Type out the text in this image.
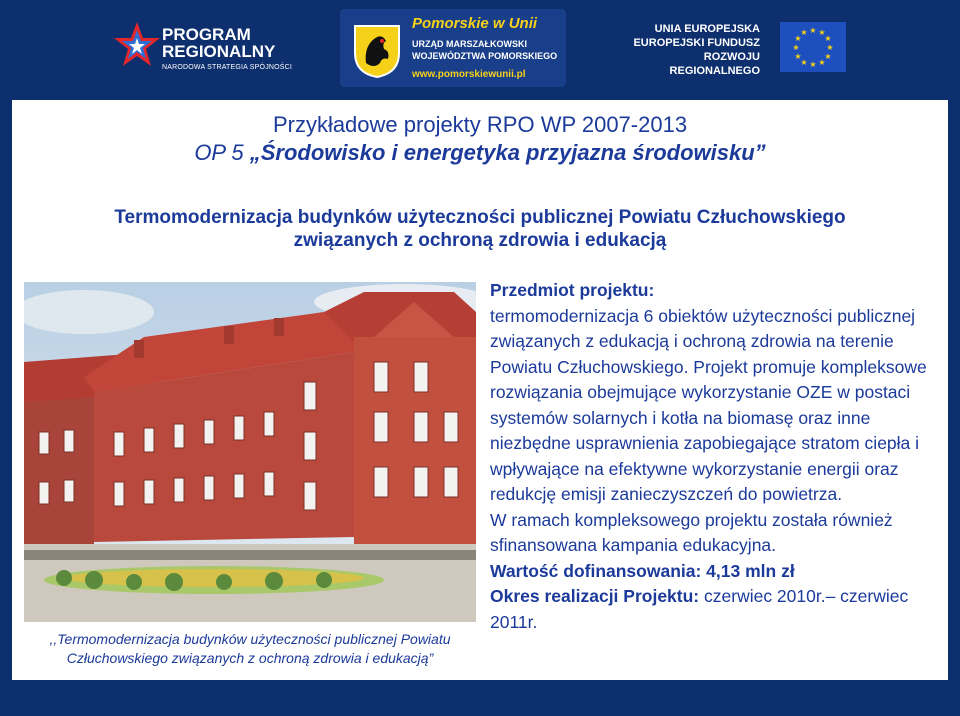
PROGRAM
REGIONALNY
NARODOWA STRATEGIA SPÓJNOŚCI
Pomorskie w Unii
URZĄD MARSZAŁKOWSKI
WOJEWÓDZTWA POMORSKIEGO
www.pomorskiewunii.pl
UNIA EUROPEJSKA
EUROPEJSKI FUNDUSZ
ROZWOJU REGIONALNEGO
★ ★
★
★
★
★
★
★
★
★
★
★
Przykładowe projekty RPO WP 2007-2013
OP 5 „Środowisko i energetyka przyjazna środowisku”
Termomodernizacja budynków użyteczności publicznej Powiatu Człuchowskiego
związanych z ochroną zdrowia i edukacją
,,Termomodernizacja budynków użyteczności publicznej Powiatu
Człuchowskiego związanych z ochroną zdrowia i edukacją”

Przedmiot projektu:

termomodernizacja 6 obiektów użyteczności publicznej związanych z edukacją i ochroną zdrowia na terenie Powiatu Człuchowskiego. Projekt promuje kompleksowe rozwiązania obejmujące wykorzystanie OZE w postaci systemów solarnych i kotła na biomasę oraz inne niezbędne usprawnienia zapobiegające stratom ciepła i wpływające na efektywne wykorzystanie energii oraz redukcję emisji zanieczyszczeń do powietrza.

W ramach kompleksowego projektu została również sfinansowana kampania edukacyjna.

Wartość dofinansowania: 4,13 mln zł

Okres realizacji Projektu: czerwiec 2010r.– czerwiec 2011r.
